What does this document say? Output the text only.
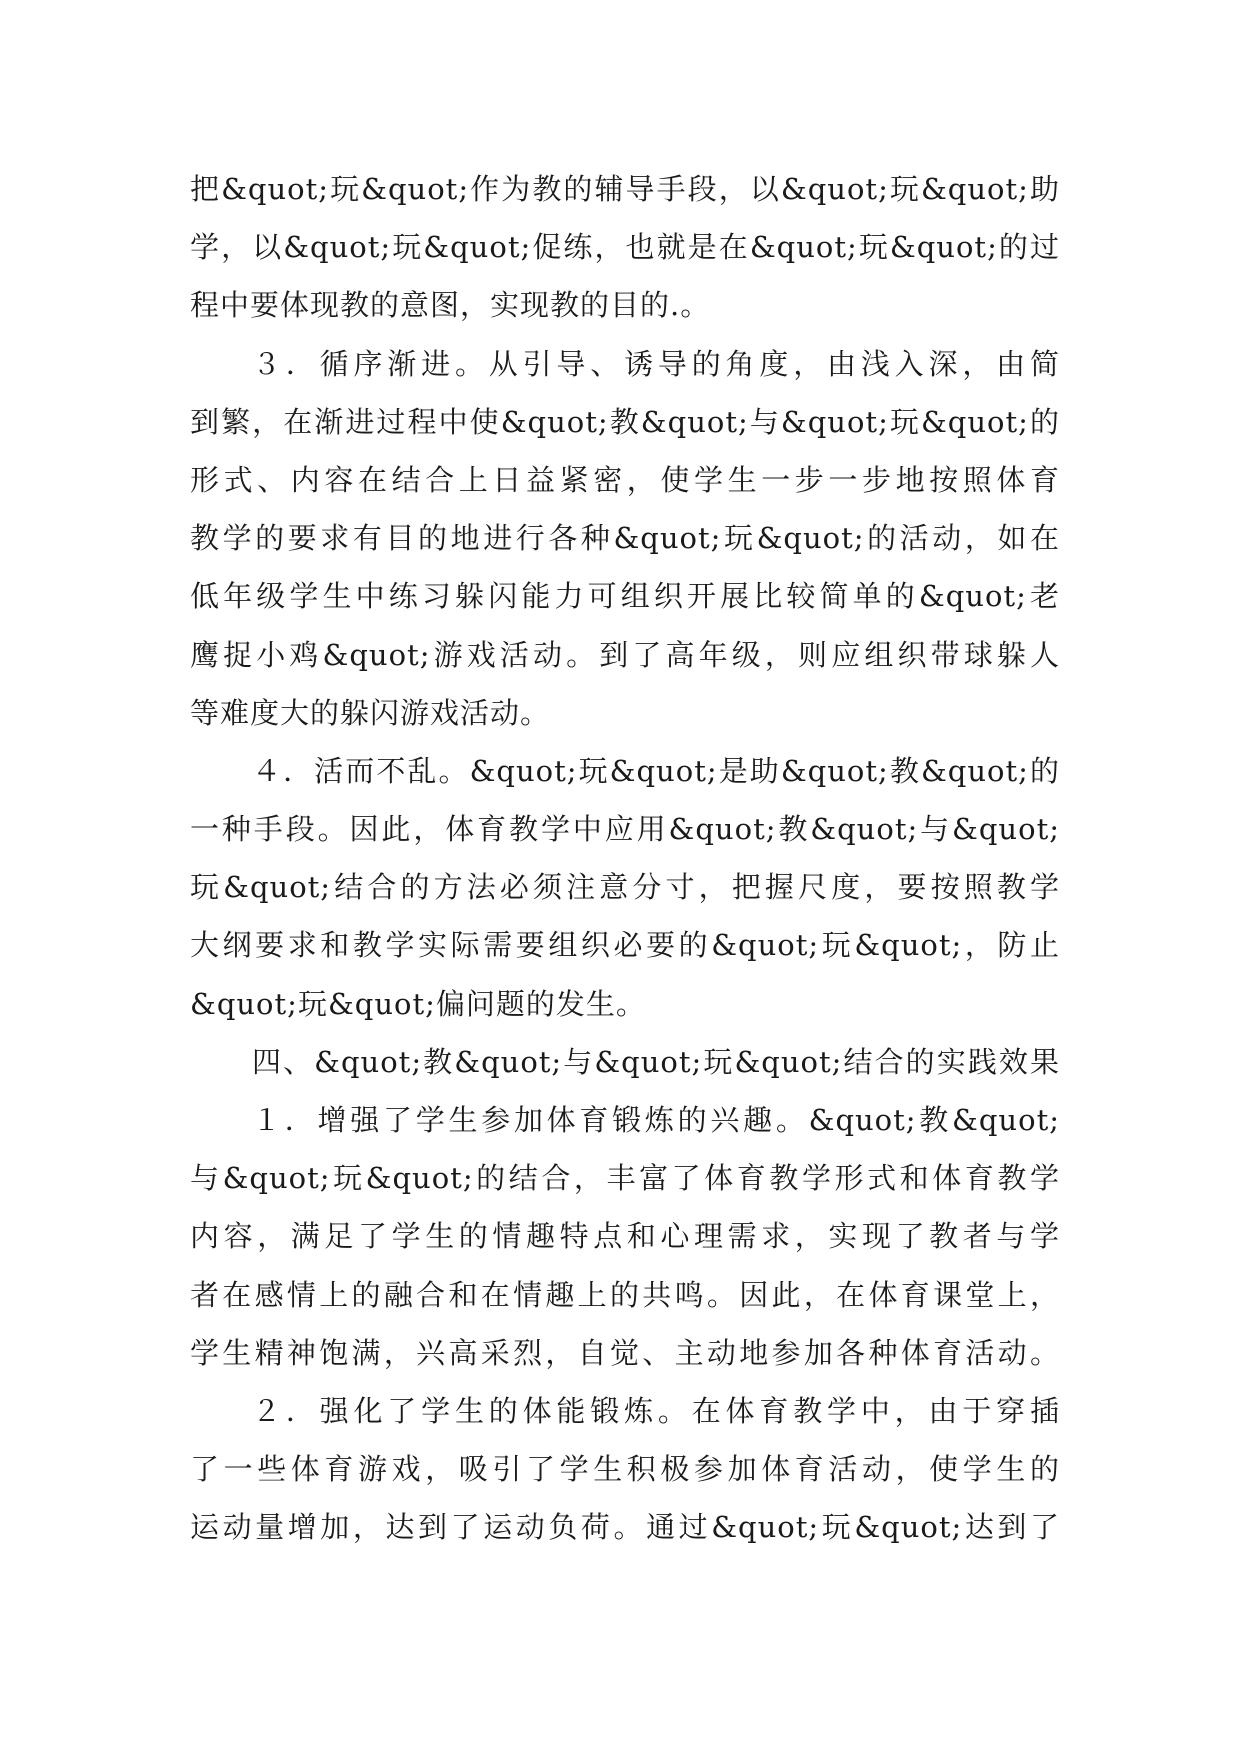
把&quot;玩&quot;作为教的辅导手段，以&quot;玩&quot;助
学，以&quot;玩&quot;促练，也就是在&quot;玩&quot;的过
程中要体现教的意图，实现教的目的.。
３．循序渐进。从引导、诱导的角度，由浅入深，由简
到繁，在渐进过程中使&quot;教&quot;与&quot;玩&quot;的
形式、内容在结合上日益紧密，使学生一步一步地按照体育
教学的要求有目的地进行各种&quot;玩&quot;的活动，如在
低年级学生中练习躲闪能力可组织开展比较简单的&quot;老
鹰捉小鸡&quot;游戏活动。到了高年级，则应组织带球躲人
等难度大的躲闪游戏活动。
４．活而不乱。&quot;玩&quot;是助&quot;教&quot;的
一种手段。因此，体育教学中应用&quot;教&quot;与&quot;
玩&quot;结合的方法必须注意分寸，把握尺度，要按照教学
大纲要求和教学实际需要组织必要的&quot;玩&quot;，防止
&quot;玩&quot;偏问题的发生。
四、&quot;教&quot;与&quot;玩&quot;结合的实践效果
１．增强了学生参加体育锻炼的兴趣。&quot;教&quot;
与&quot;玩&quot;的结合，丰富了体育教学形式和体育教学
内容，满足了学生的情趣特点和心理需求，实现了教者与学
者在感情上的融合和在情趣上的共鸣。因此，在体育课堂上，
学生精神饱满，兴高采烈，自觉、主动地参加各种体育活动。
２．强化了学生的体能锻炼。在体育教学中，由于穿插
了一些体育游戏，吸引了学生积极参加体育活动，使学生的
运动量增加，达到了运动负荷。通过&quot;玩&quot;达到了
